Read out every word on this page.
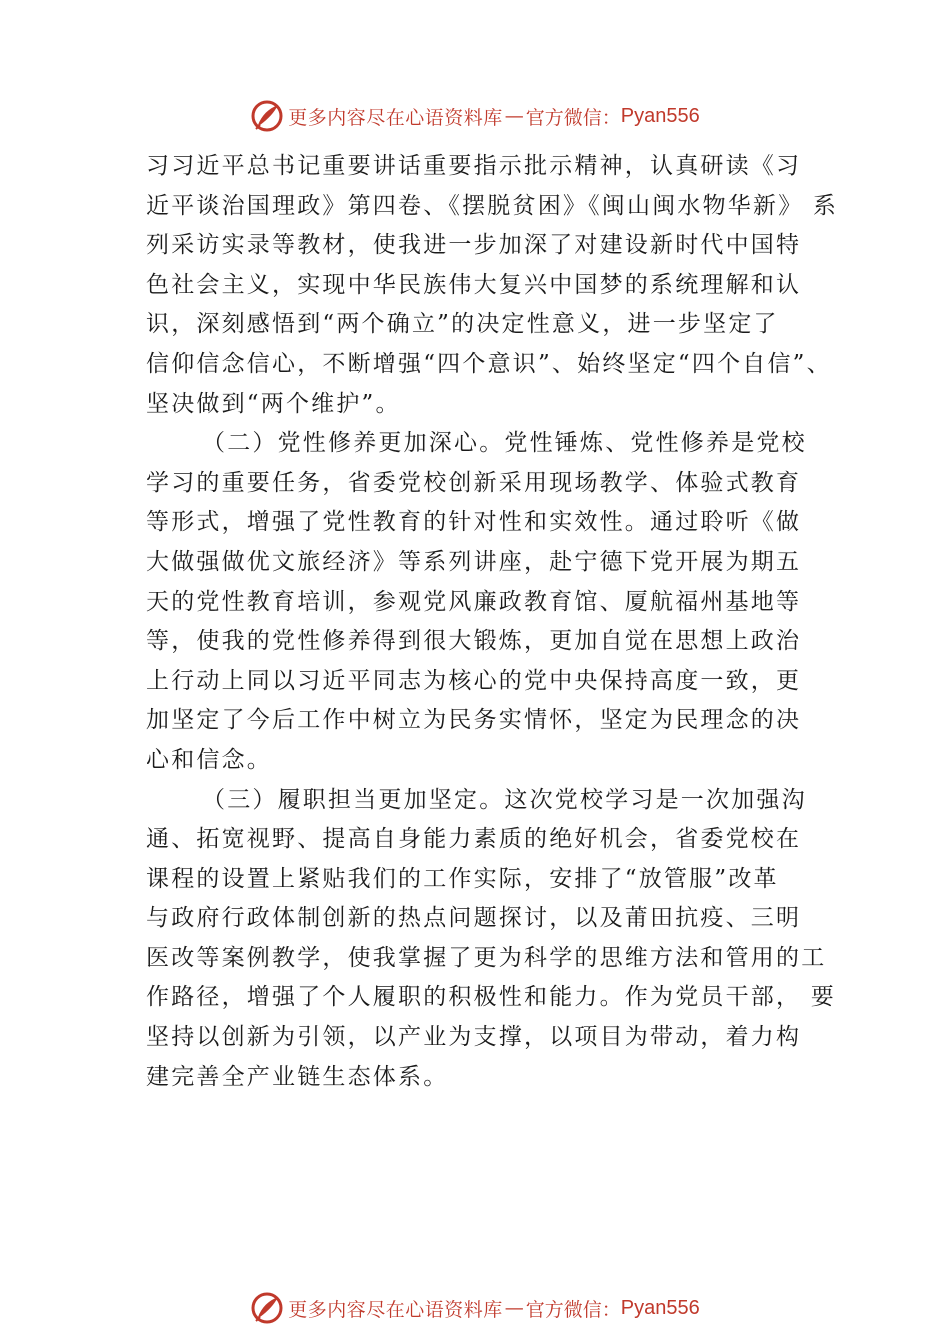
更多内容尽在心语资料库 — 官方微信： Pyan556
习习近平总书记重要讲话重要指示批示精神，认真研读《习
近平谈治国理政》第四卷、《摆脱贫困》《闽山闽水物华新》 系
列采访实录等教材，使我进一步加深了对建设新时代中国特
色社会主义，实现中华民族伟大复兴中国梦的系统理解和认
识，深刻感悟到“两个确立”的决定性意义，进一步坚定了
信仰信念信心，不断增强“四个意识”、始终坚定“四个自信”、
坚决做到“两个维护”。
（二）党性修养更加深心。党性锤炼、党性修养是党校
学习的重要任务，省委党校创新采用现场教学、体验式教育
等形式，增强了党性教育的针对性和实效性。通过聆听《做
大做强做优文旅经济》等系列讲座，赴宁德下党开展为期五
天的党性教育培训，参观党风廉政教育馆、厦航福州基地等
等，使我的党性修养得到很大锻炼，更加自觉在思想上政治
上行动上同以习近平同志为核心的党中央保持高度一致，更
加坚定了今后工作中树立为民务实情怀，坚定为民理念的决
心和信念。
（三）履职担当更加坚定。这次党校学习是一次加强沟
通、拓宽视野、提高自身能力素质的绝好机会，省委党校在
课程的设置上紧贴我们的工作实际，安排了“放管服”改革
与政府行政体制创新的热点问题探讨，以及莆田抗疫、三明
医改等案例教学，使我掌握了更为科学的思维方法和管用的工
作路径，增强了个人履职的积极性和能力。作为党员干部， 要
坚持以创新为引领，以产业为支撑，以项目为带动，着力构
建完善全产业链生态体系。
更多内容尽在心语资料库 — 官方微信： Pyan556
